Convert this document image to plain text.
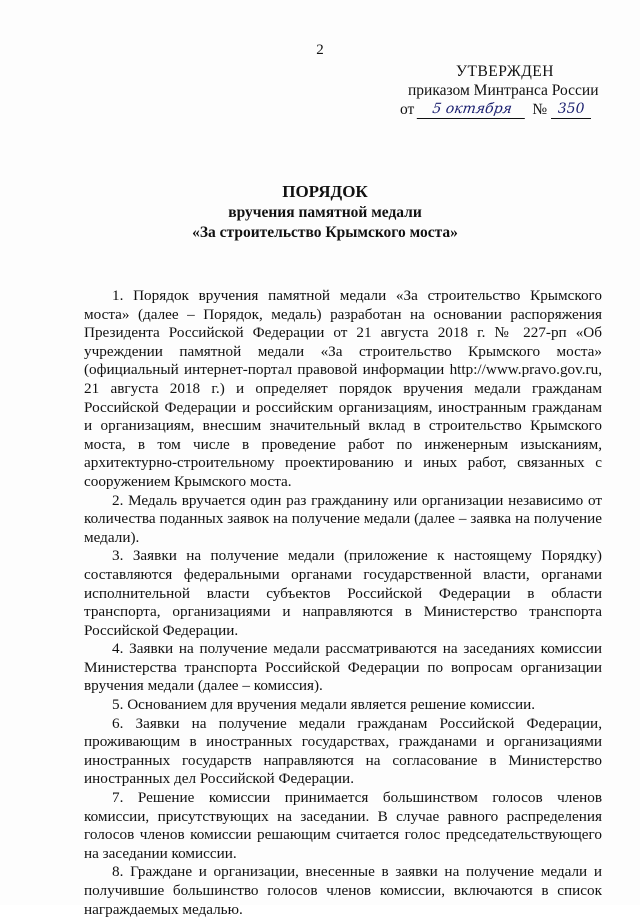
2
УТВЕРЖДЕН
приказом Минтранса России
от	5 октября	№ 350
ПОРЯДОК
вручения памятной медали
«За строительство Крымского моста»

1. Порядок вручения памятной медали «За строительство Крымского моста» (далее – Порядок, медаль) разработан на основании распоряжения Президента Российской Федерации от 21 августа 2018 г. № 227-рп «Об учреждении памятной медали «За строительство Крымского моста» (официальный интернет-портал правовой информации http://www.pravo.gov.ru, 21 августа 2018 г.) и определяет порядок вручения медали гражданам Российской Федерации и российским организациям, иностранным гражданам и организациям, внесшим значительный вклад в строительство Крымского моста, в том числе в проведение работ по инженерным изысканиям, архитектурно-строительному проектированию и иных работ, связанных с сооружением Крымского моста.

2. Медаль вручается один раз гражданину или организации независимо от количества поданных заявок на получение медали (далее – заявка на получение медали).

3. Заявки на получение медали (приложение к настоящему Порядку) составляются федеральными органами государственной власти, органами исполнительной власти субъектов Российской Федерации в области транспорта, организациями и направляются в Министерство транспорта Российской Федерации.

4. Заявки на получение медали рассматриваются на заседаниях комиссии Министерства транспорта Российской Федерации по вопросам организации вручения медали (далее – комиссия).

5. Основанием для вручения медали является решение комиссии.

6. Заявки на получение медали гражданам Российской Федерации, проживающим в иностранных государствах, гражданами и организациями иностранных государств направляются на согласование в Министерство иностранных дел Российской Федерации.

7. Решение комиссии принимается большинством голосов членов комиссии, присутствующих на заседании. В случае равного распределения голосов членов комиссии решающим считается голос председательствующего на заседании комиссии.

8. Граждане и организации, внесенные в заявки на получение медали и получившие большинство голосов членов комиссии, включаются в список награждаемых медалью.
